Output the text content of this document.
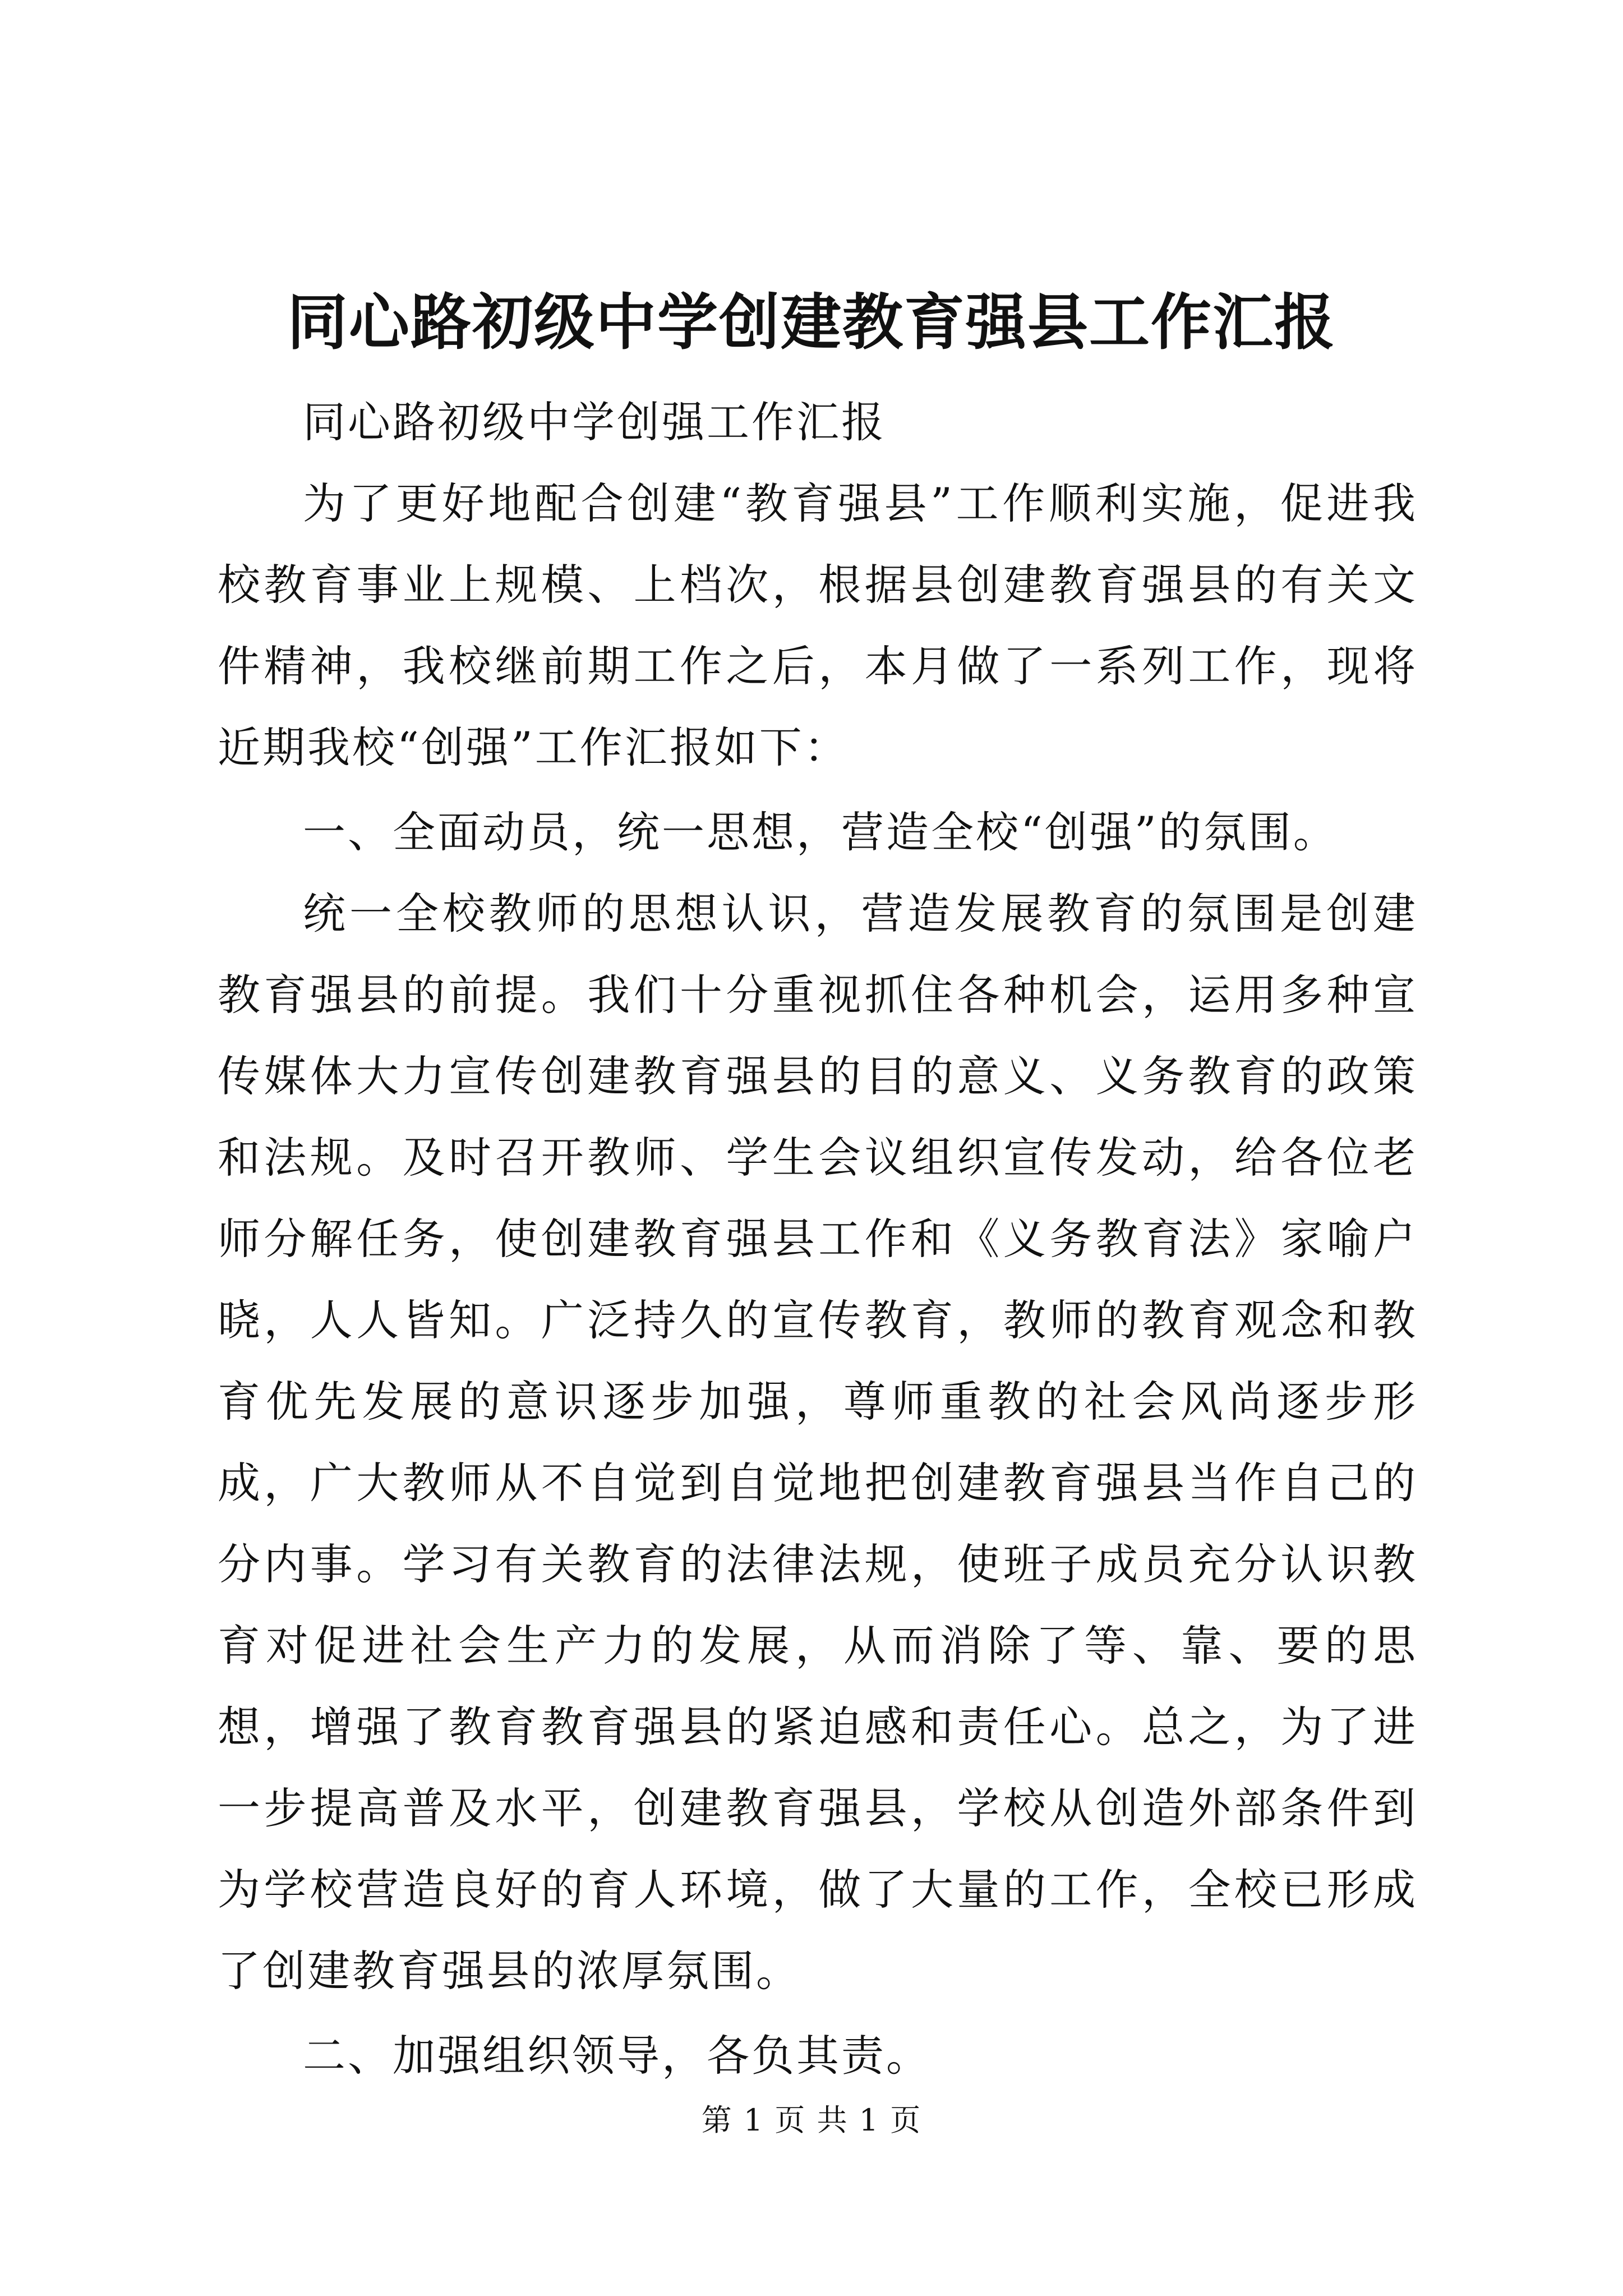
同心路初级中学创建教育强县工作汇报

同心路初级中学创强工作汇报

为了更好地配合创建“教育强县”工作顺利实施，促进我校教育事业上规模、上档次，根据县创建教育强县的有关文件精神，我校继前期工作之后，本月做了一系列工作，现将近期我校“创强”工作汇报如下：

一、全面动员，统一思想，营造全校“创强”的氛围。

统一全校教师的思想认识，营造发展教育的氛围是创建教育强县的前提。我们十分重视抓住各种机会，运用多种宣传媒体大力宣传创建教育强县的目的意义、义务教育的政策和法规。及时召开教师、学生会议组织宣传发动，给各位老师分解任务，使创建教育强县工作和《义务教育法》家喻户晓，人人皆知。广泛持久的宣传教育，教师的教育观念和教育优先发展的意识逐步加强，尊师重教的社会风尚逐步形成，广大教师从不自觉到自觉地把创建教育强县当作自己的分内事。学习有关教育的法律法规，使班子成员充分认识教育对促进社会生产力的发展，从而消除了等、靠、要的思想，增强了教育教育强县的紧迫感和责任心。总之，为了进一步提高普及水平，创建教育强县，学校从创造外部条件到为学校营造良好的育人环境，做了大量的工作，全校已形成了创建教育强县的浓厚氛围。

二、加强组织领导，各负其责。

第 1 页 共 1 页
